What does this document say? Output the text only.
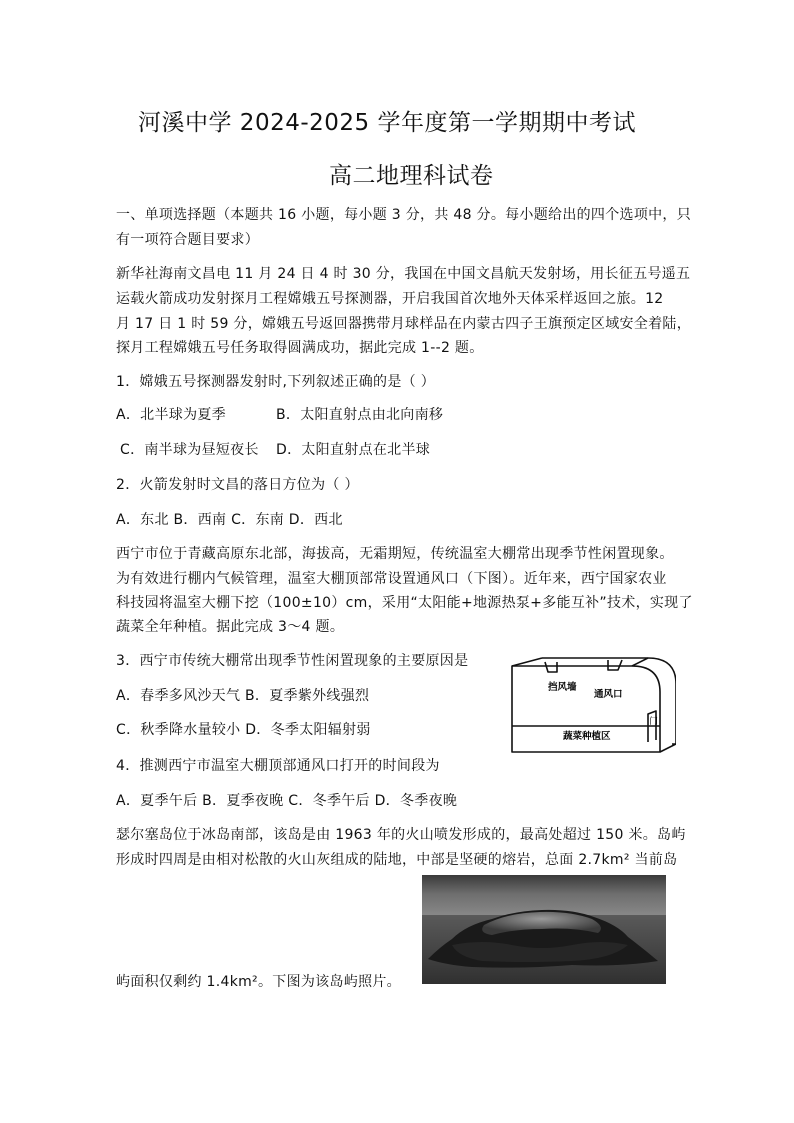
河溪中学 2024-2025 学年度第一学期期中考试
高二地理科试卷
一、单项选择题（本题共 16 小题，每小题 3 分，共 48 分。每小题给出的四个选项中，只
有一项符合题目要求）
新华社海南文昌电 11 月 24 日 4 时 30 分，我国在中国文昌航天发射场，用长征五号遥五
运载火箭成功发射探月工程嫦娥五号探测器，开启我国首次地外天体采样返回之旅。12
月 17 日 1 时 59 分，嫦娥五号返回器携带月球样品在内蒙古四子王旗预定区域安全着陆，
探月工程嫦娥五号任务取得圆满成功，据此完成 1--2 题。
1．嫦娥五号探测器发射时,下列叙述正确的是（ ）
A．北半球为夏季	B．太阳直射点由北向南移
C．南半球为昼短夜长 D．太阳直射点在北半球
2．火箭发射时文昌的落日方位为（ ）
A．东北 B．西南 C．东南 D．西北
西宁市位于青藏高原东北部，海拔高，无霜期短，传统温室大棚常出现季节性闲置现象。
为有效进行棚内气候管理，温室大棚顶部常设置通风口（下图）。近年来，西宁国家农业
科技园将温室大棚下挖（100±10）cm，采用“太阳能+地源热泵+多能互补”技术，实现了
蔬菜全年种植。据此完成 3～4 题。
3．西宁市传统大棚常出现季节性闲置现象的主要原因是
A．春季多风沙天气 B．夏季紫外线强烈
C．秋季降水量较小 D．冬季太阳辐射弱
4．推测西宁市温室大棚顶部通风口打开的时间段为
A．夏季午后 B．夏季夜晚 C．冬季午后 D．冬季夜晚
挡风墙
通风口
门
蔬菜种植区
瑟尔塞岛位于冰岛南部，该岛是由 1963 年的火山喷发形成的，最高处超过 150 米。岛屿
形成时四周是由相对松散的火山灰组成的陆地，中部是坚硬的熔岩，总面 2.7km² 当前岛
屿面积仅剩约 1.4km²。下图为该岛屿照片。
